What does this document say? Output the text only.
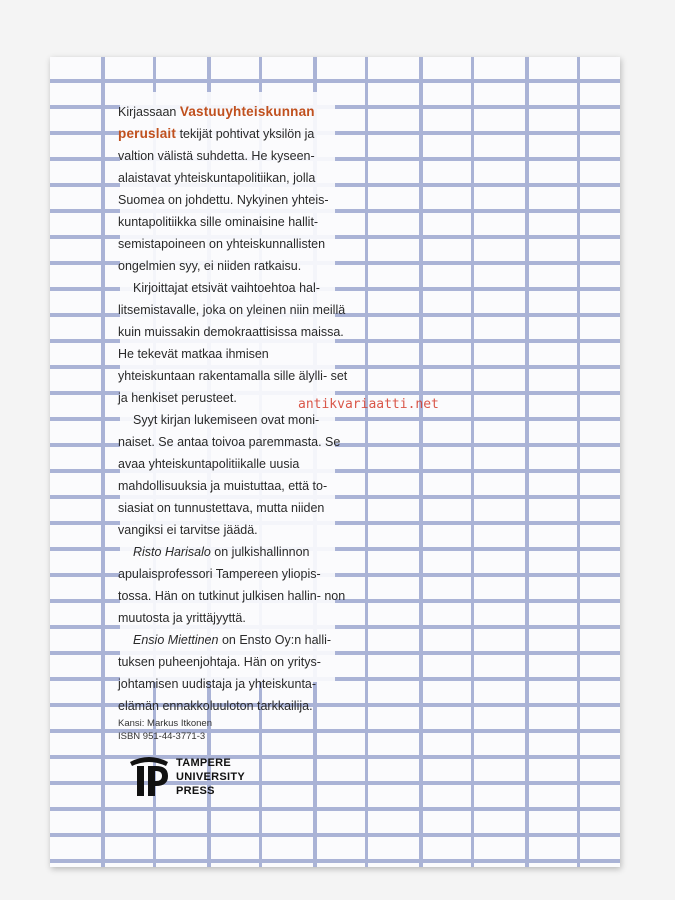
Kirjassaan Vastuuyhteiskunnan peruslait tekijät pohtivat yksilön ja valtion välistä suhdetta. He kyseen- alaistavat yhteiskuntapolitiikan, jolla Suomea on johdettu. Nykyinen yhteis- kuntapolitiikka sille ominaisine hallit- semistapoineen on yhteiskunnallisten ongelmien syy, ei niiden ratkaisu.

Kirjoittajat etsivät vaihtoehtoa hal- litsemistavalle, joka on yleinen niin meillä kuin muissakin demokraattisissa maissa. He tekevät matkaa ihmisen yhteiskuntaan rakentamalla sille älylli- set ja henkiset perusteet.

Syyt kirjan lukemiseen ovat moni- naiset. Se antaa toivoa paremmasta. Se avaa yhteiskuntapolitiikalle uusia mahdollisuuksia ja muistuttaa, että to- siasiat on tunnustettava, mutta niiden vangiksi ei tarvitse jäädä.

Risto Harisalo on julkishallinnon apulaisprofessori Tampereen yliopis- tossa. Hän on tutkinut julkisen hallin- non muutosta ja yrittäjyyttä.

Ensio Miettinen on Ensto Oy:n halli- tuksen puheenjohtaja. Hän on yritys- johtamisen uudistaja ja yhteiskunta- elämän ennakkoluuloton tarkkailija.

Kansi: Markus Itkonen
ISBN 951-44-3771-3
TAMPERE
UNIVERSITY
PRESS
antikvariaatti.net
